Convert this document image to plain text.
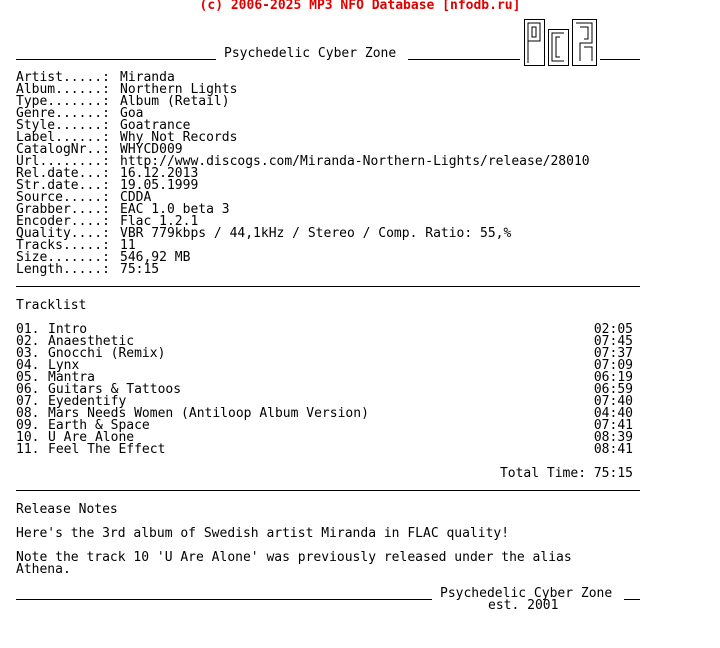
(c) 2006-2025 MP3 NFO Database [nfodb.ru]
Psychedelic Cyber Zone
Artist.....: Miranda
Album......: Northern Lights
Type.......: Album (Retail)
Genre......: Goa
Style......: Goatrance
Label......: Why Not Records
CatalogNr..: WHYCD009
Url........: http://www.discogs.com/Miranda-Northern-Lights/release/28010
Rel.date...: 16.12.2013
Str.date...: 19.05.1999
Source.....: CDDA
Grabber....: EAC 1.0 beta 3
Encoder....: Flac 1.2.1
Quality....: VBR 779kbps / 44,1kHz / Stereo / Comp. Ratio: 55,%
Tracks.....: 11
Size.......: 546,92 MB
Length.....: 75:15
Tracklist
01. Intro	02:05
02. Anaesthetic	07:45
03. Gnocchi (Remix)	07:37
04. Lynx	07:09
05. Mantra	06:19
06. Guitars & Tattoos	06:59
07. Eyedentify	07:40
08. Mars Needs Women (Antiloop Album Version)	04:40
09. Earth & Space	07:41
10. U Are Alone	08:39
11. Feel The Effect	08:41
Total Time: 75:15
Release Notes
Here's the 3rd album of Swedish artist Miranda in FLAC quality!
Note the track 10 'U Are Alone' was previously released under the alias
Athena.
Psychedelic Cyber Zone
est. 2001
